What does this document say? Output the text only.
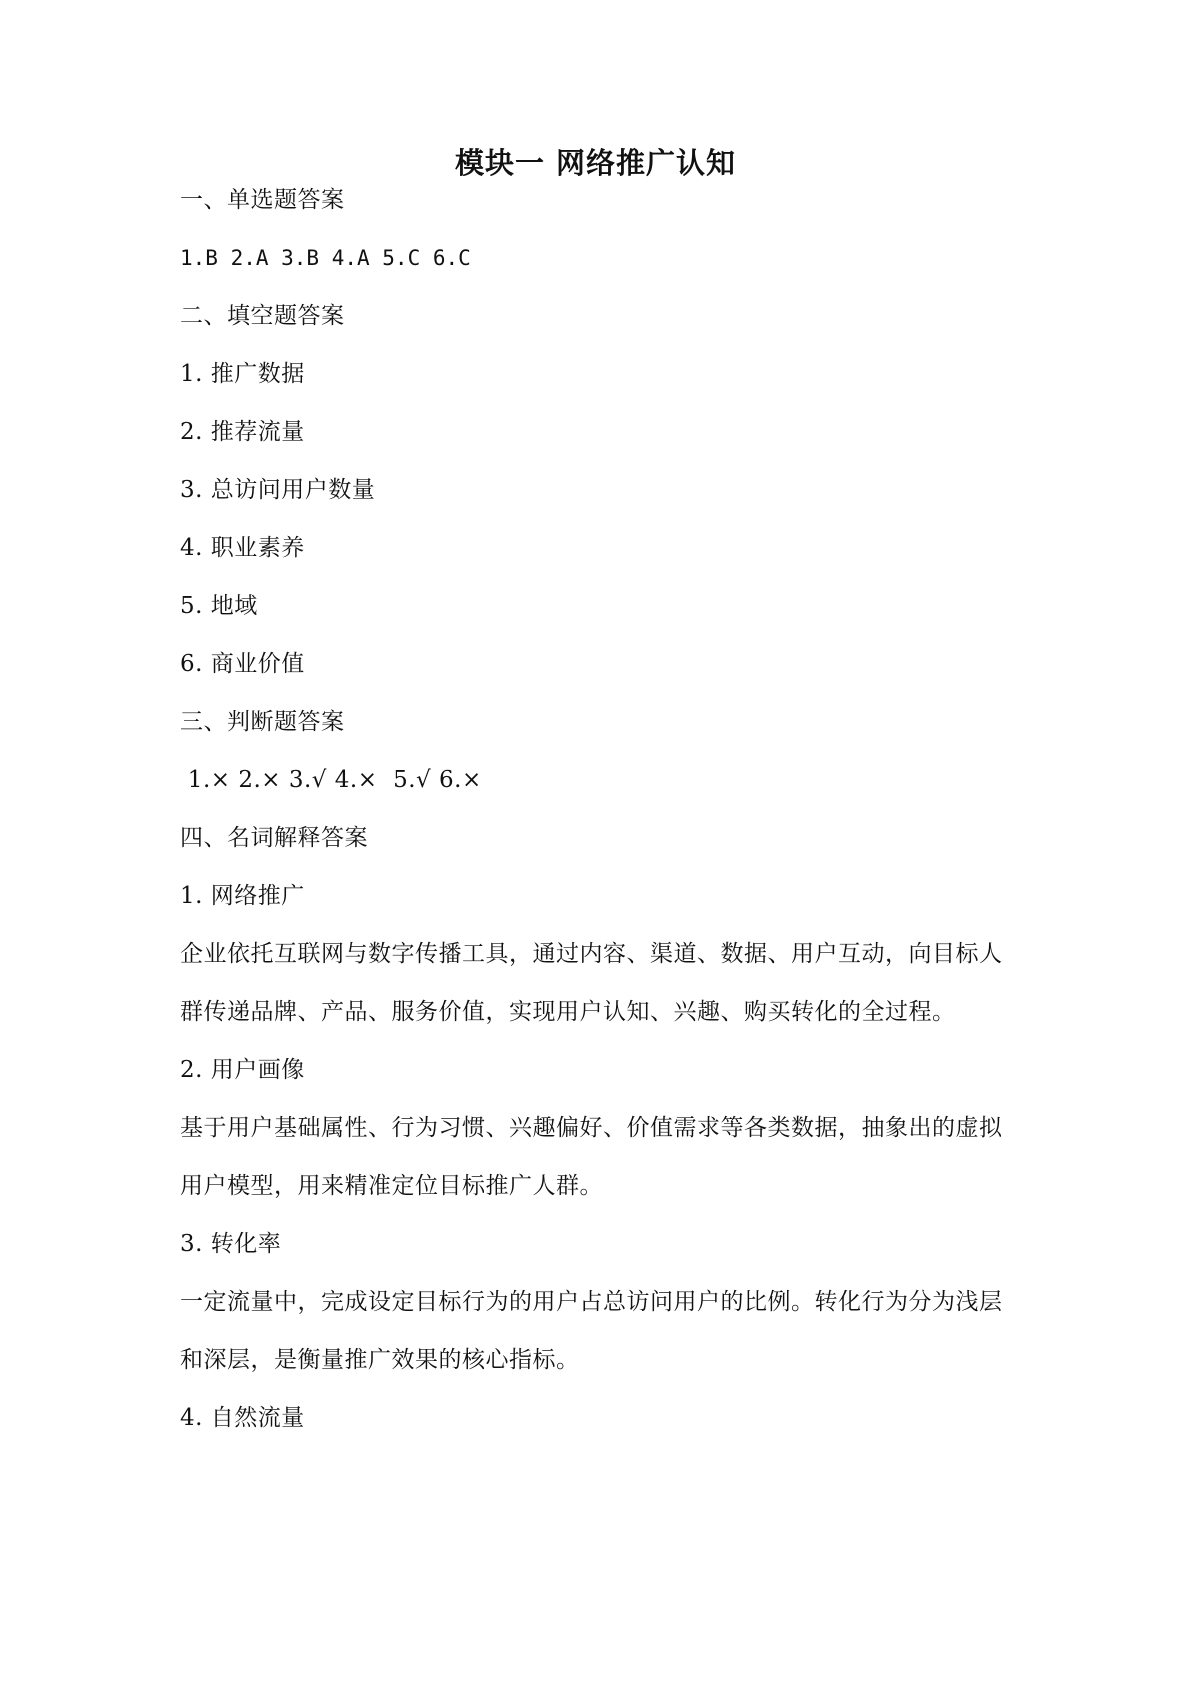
模块一 网络推广认知
一、单选题答案
1.B 2.A 3.B 4.A 5.C 6.C
二、填空题答案
1. 推广数据
2. 推荐流量
3. 总访问用户数量
4. 职业素养
5. 地域
6. 商业价值
三、判断题答案
1.× 2.× 3.√ 4.×  5.√ 6.×
四、名词解释答案
1. 网络推广
企业依托互联网与数字传播工具，通过内容、渠道、数据、用户互动，向目标人
群传递品牌、产品、服务价值，实现用户认知、兴趣、购买转化的全过程。
2. 用户画像
基于用户基础属性、行为习惯、兴趣偏好、价值需求等各类数据，抽象出的虚拟
用户模型，用来精准定位目标推广人群。
3. 转化率
一定流量中，完成设定目标行为的用户占总访问用户的比例。转化行为分为浅层
和深层，是衡量推广效果的核心指标。
4. 自然流量
